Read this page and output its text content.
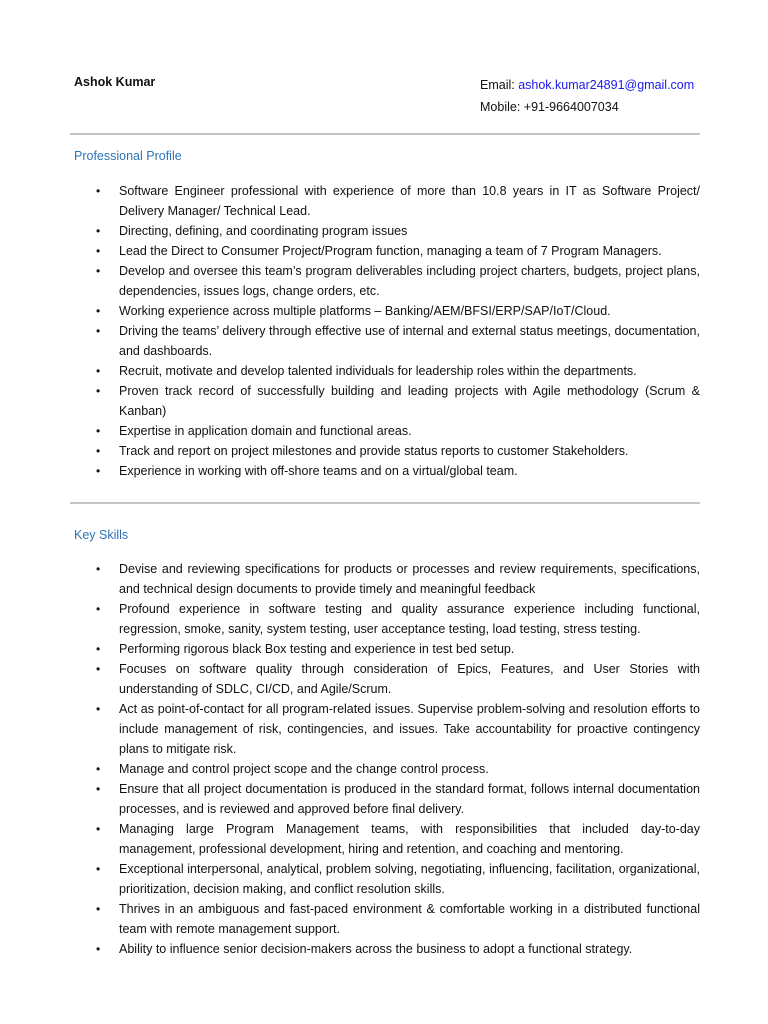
Ashok Kumar	Email: ashok.kumar24891@gmail.com
Mobile: +91-9664007034
Professional Profile
• Software Engineer professional with experience of more than 10.8 years in IT as Software Project/ Delivery Manager/ Technical Lead.
• Directing, defining, and coordinating program issues
• Lead the Direct to Consumer Project/Program function, managing a team of 7 Program Managers.
• Develop and oversee this team’s program deliverables including project charters, budgets, project plans, dependencies, issues logs, change orders, etc.
• Working experience across multiple platforms – Banking/AEM/BFSI/ERP/SAP/IoT/Cloud.
• Driving the teams’ delivery through effective use of internal and external status meetings, documentation, and dashboards.
• Recruit, motivate and develop talented individuals for leadership roles within the departments.
• Proven track record of successfully building and leading projects with Agile methodology (Scrum & Kanban)
• Expertise in application domain and functional areas.
• Track and report on project milestones and provide status reports to customer Stakeholders.
• Experience in working with off-shore teams and on a virtual/global team.
Key Skills
• Devise and reviewing specifications for products or processes and review requirements, specifications, and technical design documents to provide timely and meaningful feedback
• Profound experience in software testing and quality assurance experience including functional, regression, smoke, sanity, system testing, user acceptance testing, load testing, stress testing.
• Performing rigorous black Box testing and experience in test bed setup.
• Focuses on software quality through consideration of Epics, Features, and User Stories with understanding of SDLC, CI/CD, and Agile/Scrum.
• Act as point-of-contact for all program-related issues. Supervise problem-solving and resolution efforts to include management of risk, contingencies, and issues. Take accountability for proactive contingency plans to mitigate risk.
• Manage and control project scope and the change control process.
• Ensure that all project documentation is produced in the standard format, follows internal documentation processes, and is reviewed and approved before final delivery.
• Managing large Program Management teams, with responsibilities that included day-to-day management, professional development, hiring and retention, and coaching and mentoring.
• Exceptional interpersonal, analytical, problem solving, negotiating, influencing, facilitation, organizational, prioritization, decision making, and conflict resolution skills.
• Thrives in an ambiguous and fast-paced environment & comfortable working in a distributed functional team with remote management support.
• Ability to influence senior decision-makers across the business to adopt a functional strategy.
